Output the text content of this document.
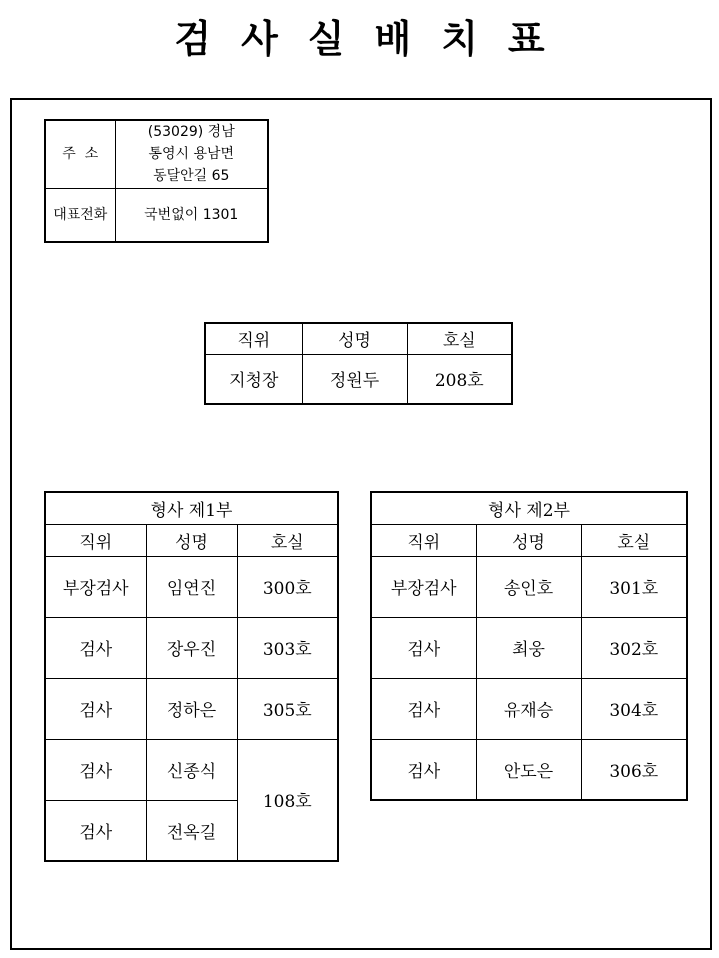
검사실배치표
주  소	(53029) 경남
통영시 용남면
동달안길 65

대표전화	국번없이 1301
직위	성명	호실
지청장	정원두	208호
형사 제1부		
직위	성명	호실
부장검사	임연진	300호
검사	장우진	303호
검사	정하은	305호
검사	신종식	108호
검사	전옥길	
형사 제2부		
직위	성명	호실
부장검사	송인호	301호
검사	최웅	302호
검사	유재승	304호
검사	안도은	306호
